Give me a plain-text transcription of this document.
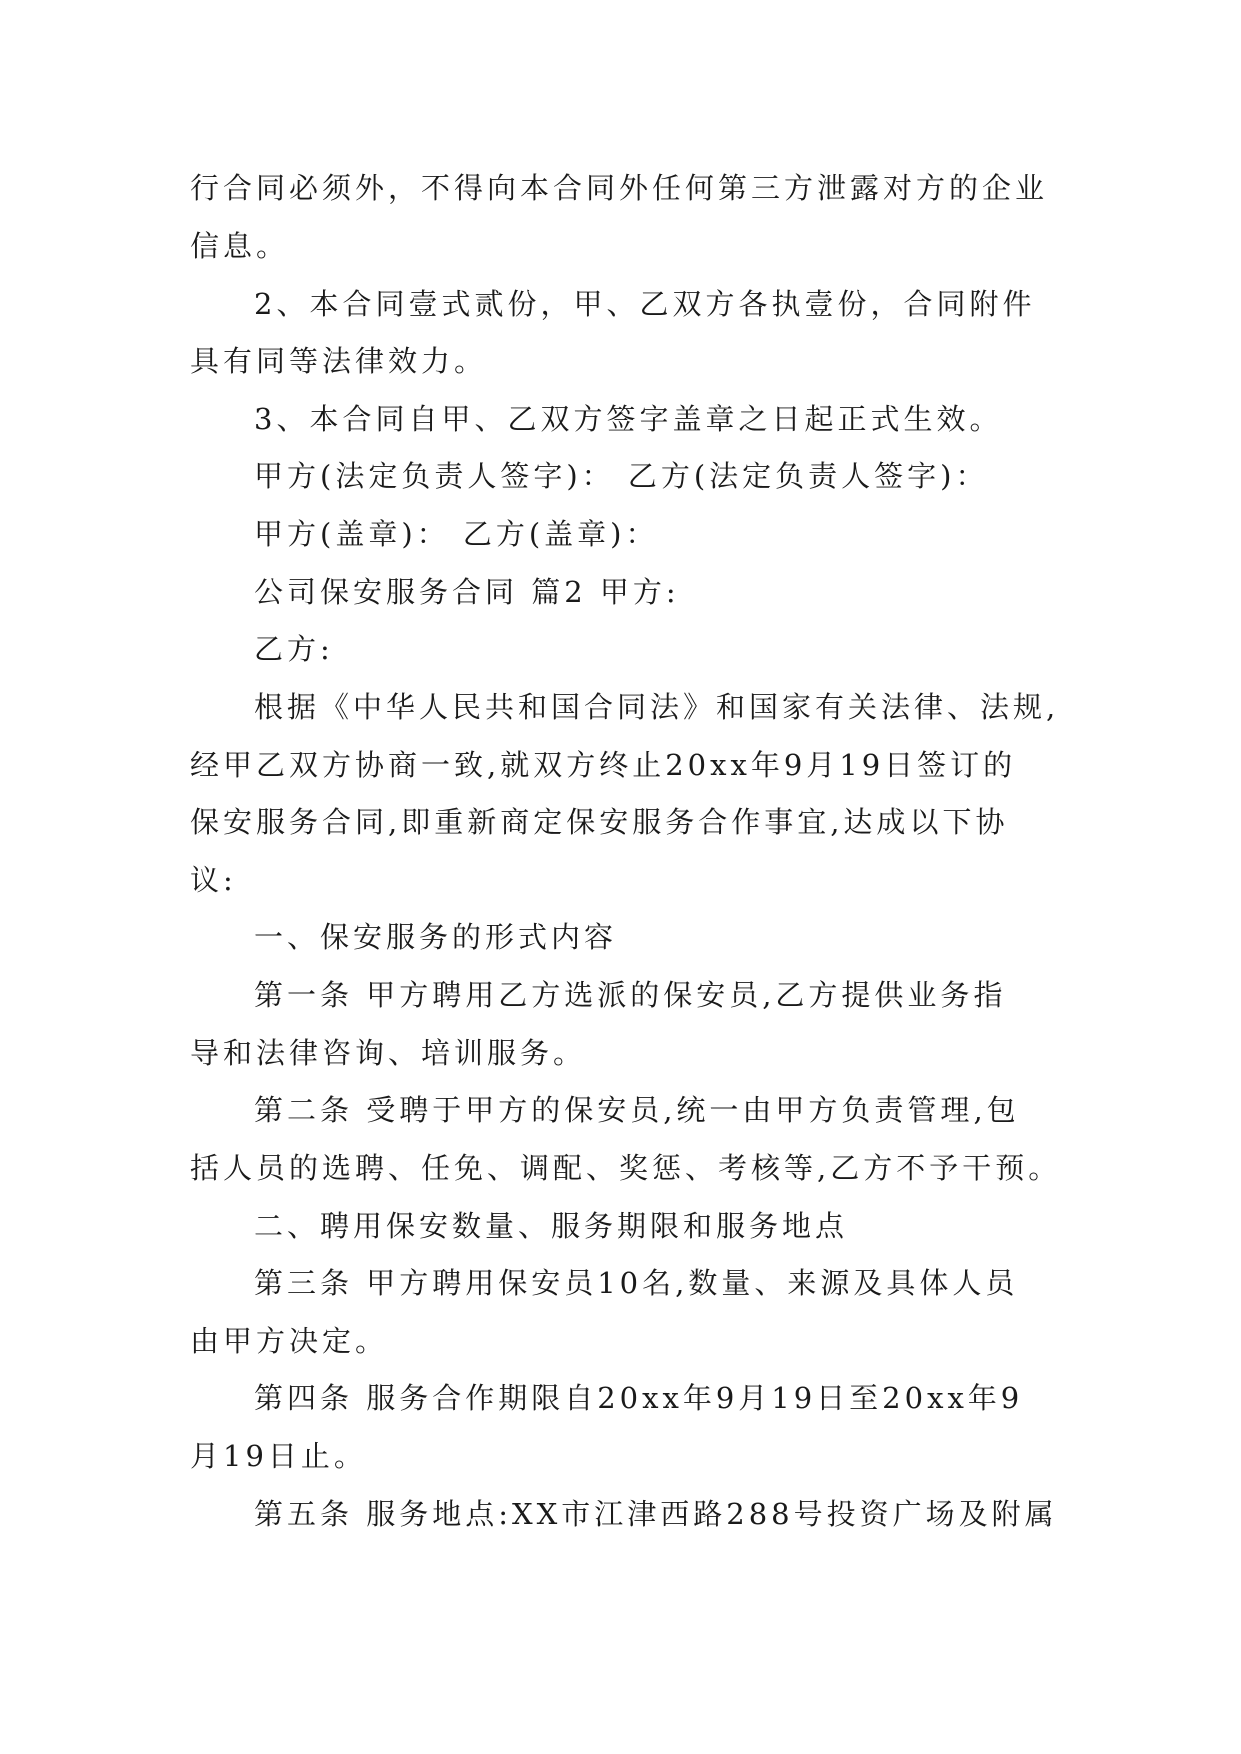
行合同必须外，不得向本合同外任何第三方泄露对方的企业
信息。
2、本合同壹式贰份，甲、乙双方各执壹份，合同附件
具有同等法律效力。
3、本合同自甲、乙双方签字盖章之日起正式生效。
甲方(法定负责人签字)： 乙方(法定负责人签字)：
甲方(盖章)： 乙方(盖章)：
公司保安服务合同 篇2 甲方:
乙方:
根据《中华人民共和国合同法》和国家有关法律、法规,
经甲乙双方协商一致,就双方终止20xx年9月19日签订的
保安服务合同,即重新商定保安服务合作事宜,达成以下协
议:
一、保安服务的形式内容
第一条 甲方聘用乙方选派的保安员,乙方提供业务指
导和法律咨询、培训服务。
第二条 受聘于甲方的保安员,统一由甲方负责管理,包
括人员的选聘、任免、调配、奖惩、考核等,乙方不予干预。
二、聘用保安数量、服务期限和服务地点
第三条 甲方聘用保安员10名,数量、来源及具体人员
由甲方决定。
第四条 服务合作期限自20xx年9月19日至20xx年9
月19日止。
第五条 服务地点:XX市江津西路288号投资广场及附属
